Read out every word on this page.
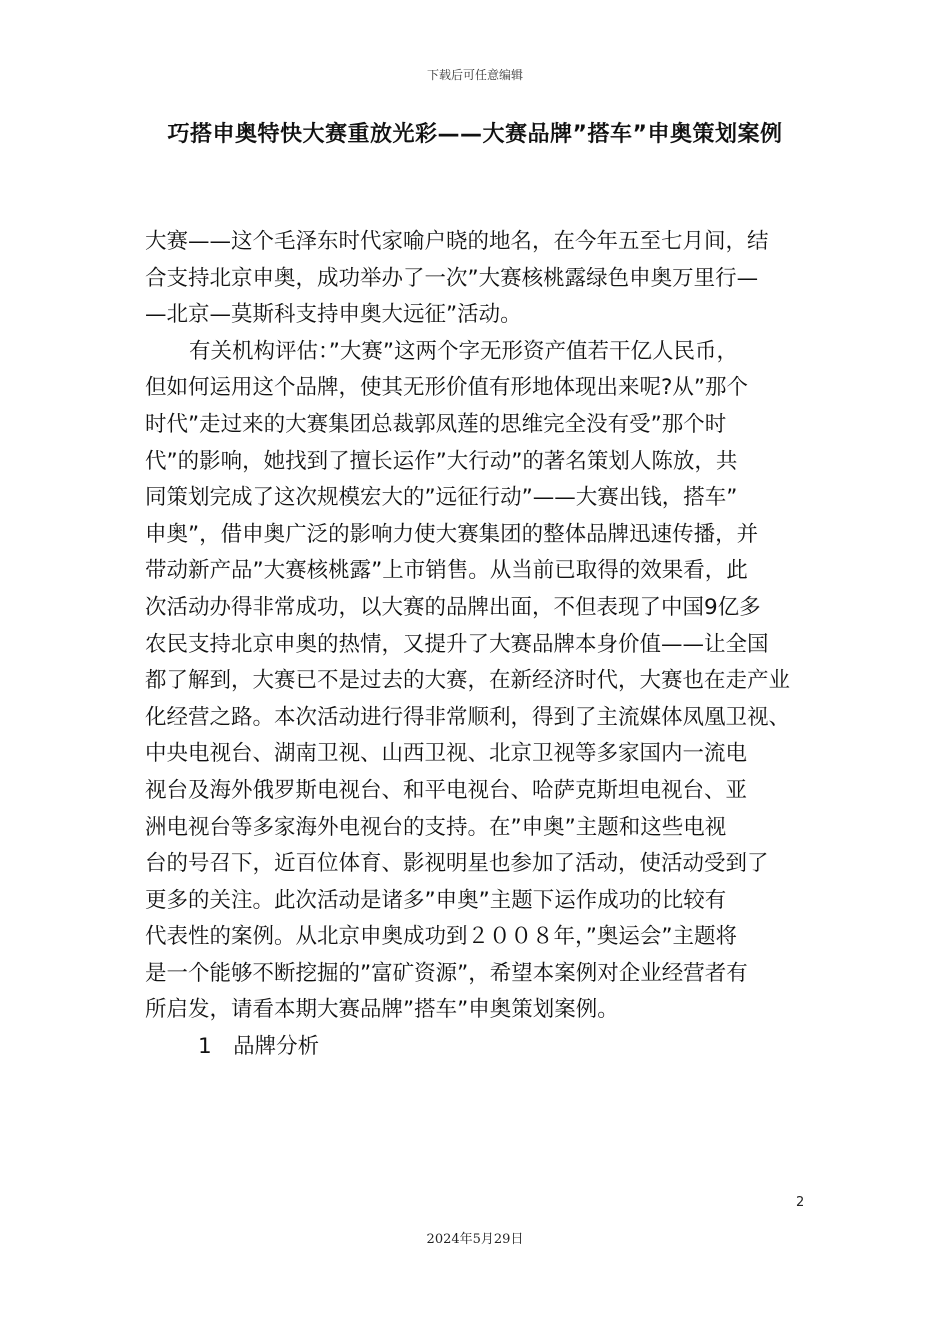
下载后可任意编辑
巧搭申奥特快大赛重放光彩——大赛品牌”搭车”申奥策划案例
大赛——这个毛泽东时代家喻户晓的地名，在今年五至七月间，结
合支持北京申奥，成功举办了一次”大赛核桃露绿色申奥万里行—
—北京—莫斯科支持申奥大远征”活动。
有关机构评估：”大赛”这两个字无形资产值若干亿人民币，
但如何运用这个品牌，使其无形价值有形地体现出来呢?从”那个
时代”走过来的大赛集团总裁郭凤莲的思维完全没有受”那个时
代”的影响，她找到了擅长运作”大行动”的著名策划人陈放，共
同策划完成了这次规模宏大的”远征行动”——大赛出钱，搭车”
申奥”，借申奥广泛的影响力使大赛集团的整体品牌迅速传播，并
带动新产品”大赛核桃露”上市销售。从当前已取得的效果看，此
次活动办得非常成功，以大赛的品牌出面，不但表现了中国9亿多
农民支持北京申奥的热情，又提升了大赛品牌本身价值——让全国
都了解到，大赛已不是过去的大赛，在新经济时代，大赛也在走产业
化经营之路。本次活动进行得非常顺利，得到了主流媒体凤凰卫视、
中央电视台、湖南卫视、山西卫视、北京卫视等多家国内一流电
视台及海外俄罗斯电视台、和平电视台、哈萨克斯坦电视台、亚
洲电视台等多家海外电视台的支持。在”申奥”主题和这些电视
台的号召下，近百位体育、影视明星也参加了活动，使活动受到了
更多的关注。此次活动是诸多”申奥”主题下运作成功的比较有
代表性的案例。从北京申奥成功到２００８年，”奥运会”主题将
是一个能够不断挖掘的”富矿资源”，希望本案例对企业经营者有
所启发，请看本期大赛品牌”搭车”申奥策划案例。
1　品牌分析
2
2024年5月29日
